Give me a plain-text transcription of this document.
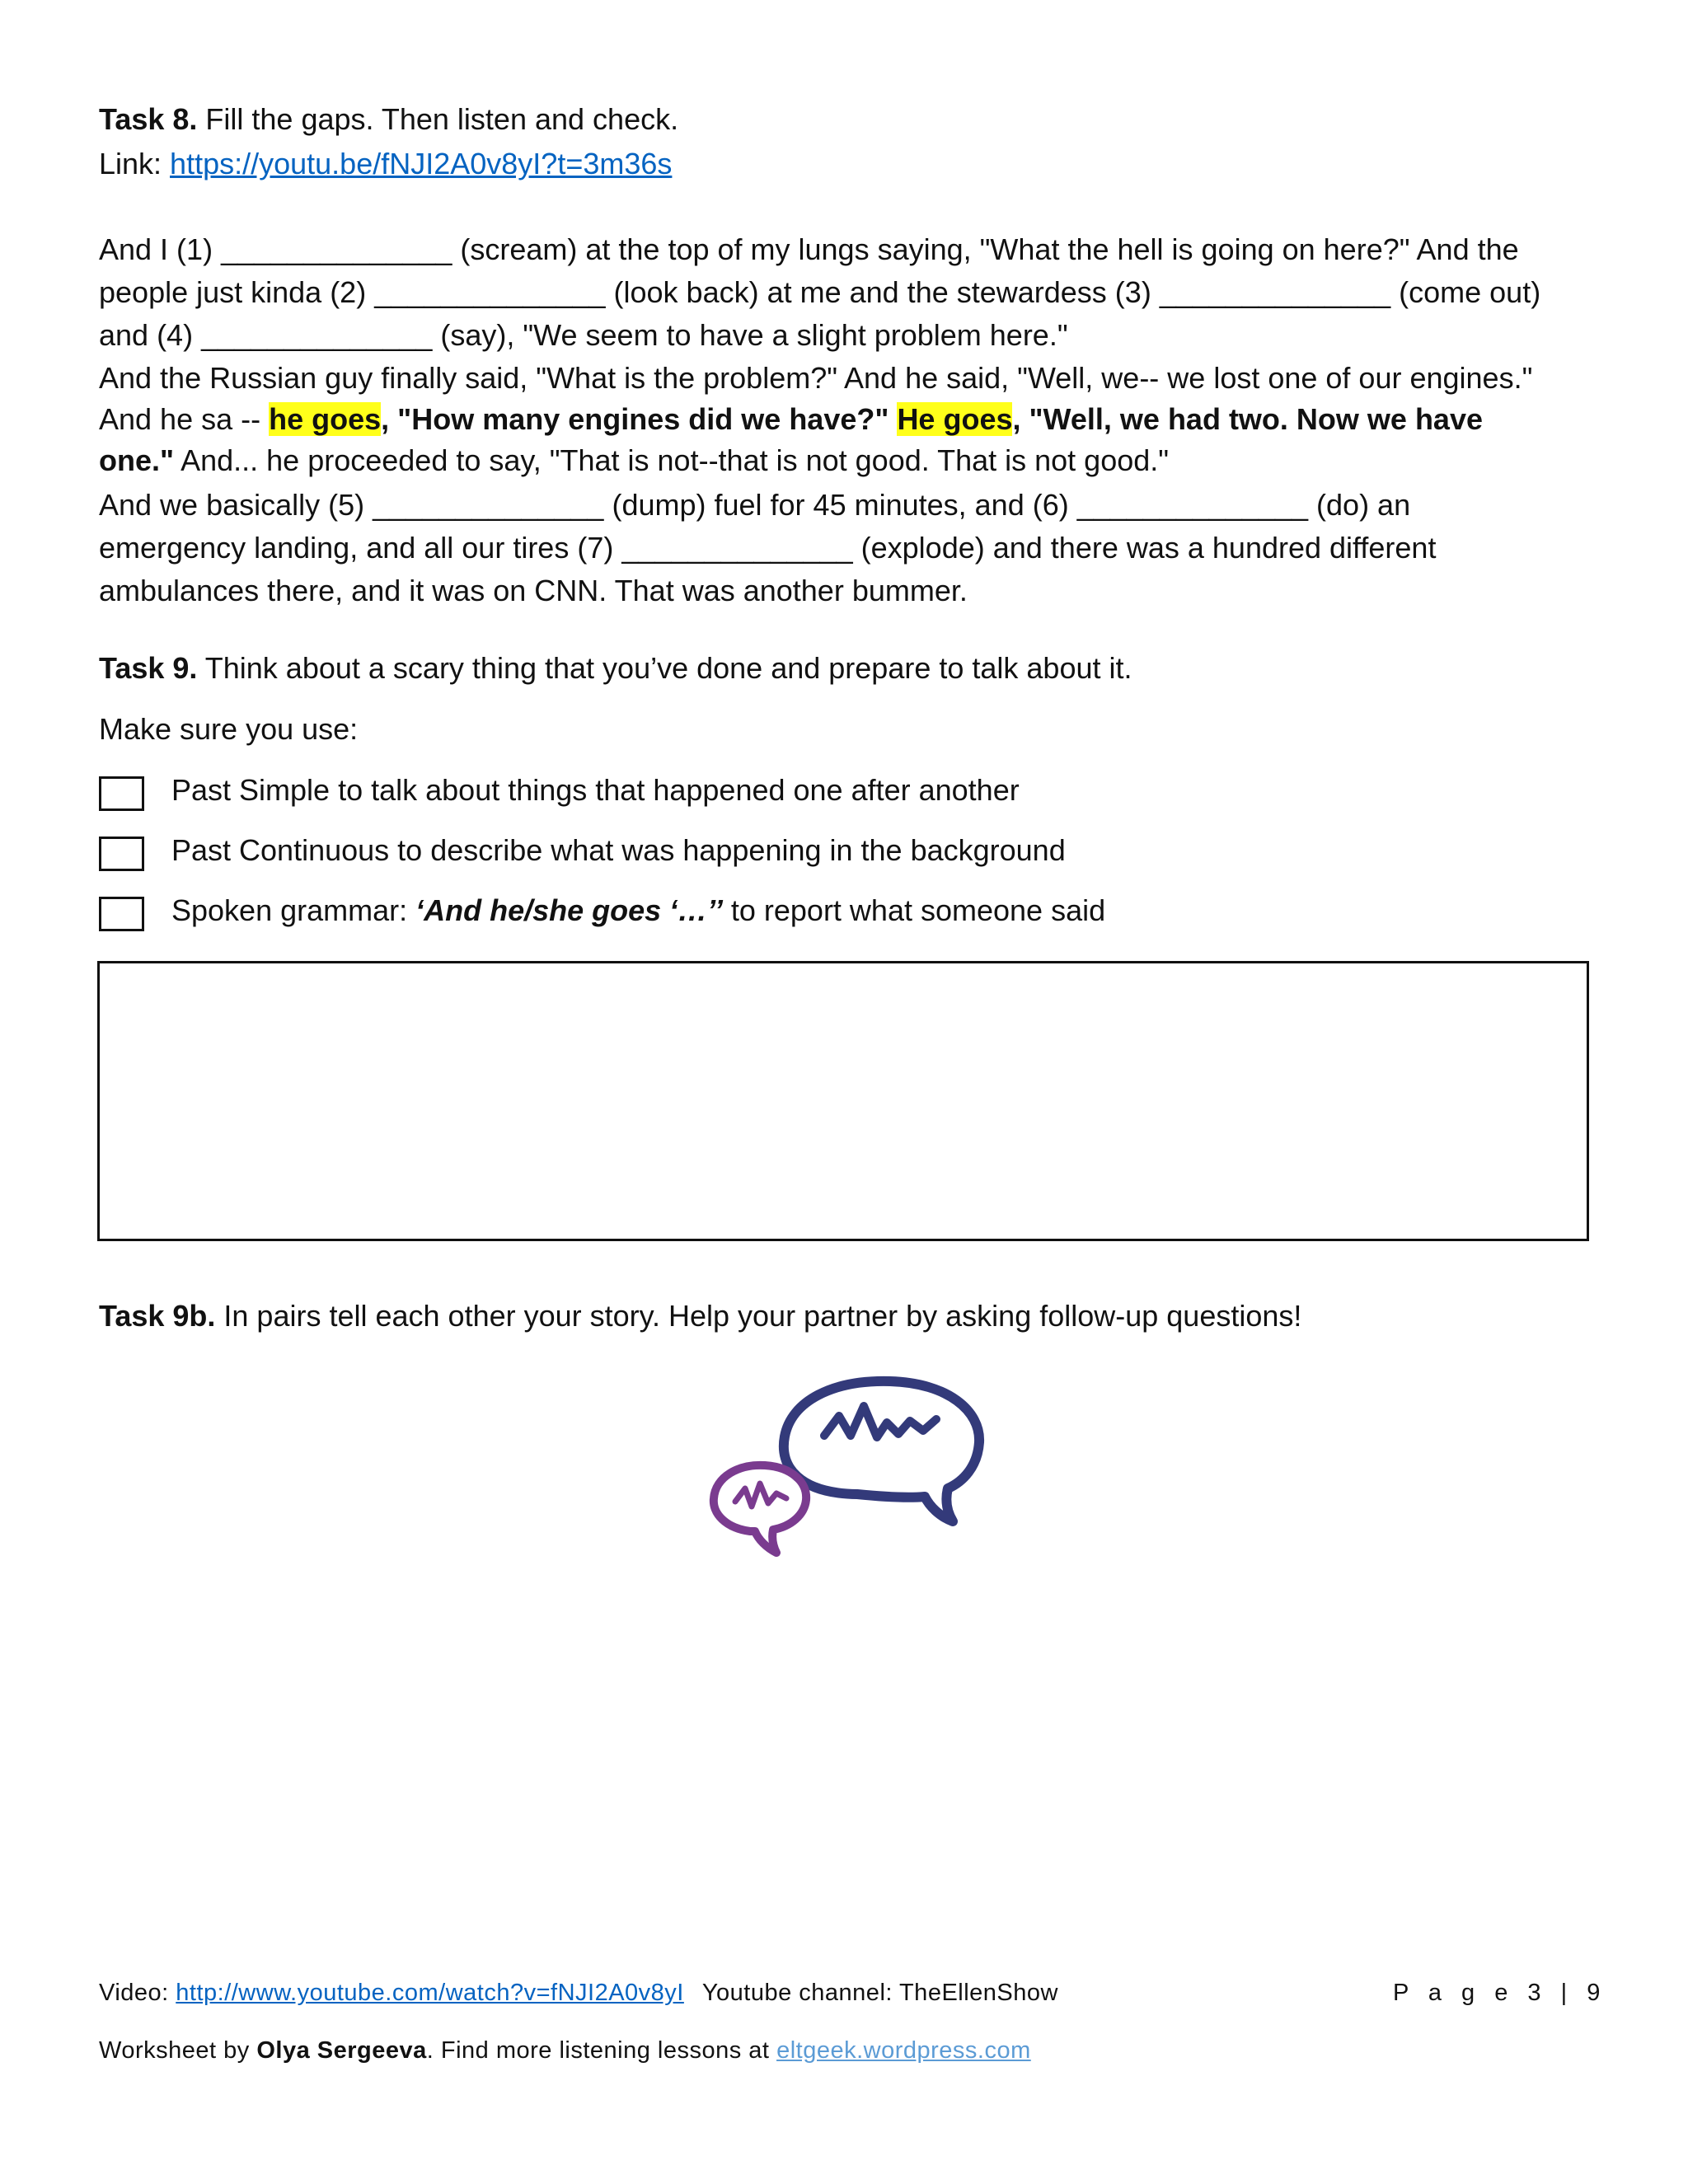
Task 8. Fill the gaps. Then listen and check.
Link: https://youtu.be/fNJI2A0v8yI?t=3m36s
And I (1) ______________ (scream) at the top of my lungs saying, "What the hell is going on here?" And the
people just kinda (2) ______________ (look back) at me and the stewardess (3) ______________ (come out)
and (4) ______________ (say), "We seem to have a slight problem here."
And the Russian guy finally said, "What is the problem?" And he said, "Well, we-- we lost one of our engines."
And he sa -- he goes, "How many engines did we have?" He goes, "Well, we had two. Now we have
one." And... he proceeded to say, "That is not--that is not good. That is not good."
And we basically (5) ______________ (dump) fuel for 45 minutes, and (6) ______________ (do) an
emergency landing, and all our tires (7) ______________ (explode) and there was a hundred different
ambulances there, and it was on CNN. That was another bummer.
Task 9. Think about a scary thing that you’ve done and prepare to talk about it.
Make sure you use:
Past Simple to talk about things that happened one after another
Past Continuous to describe what was happening in the background
Spoken grammar: ‘And he/she goes ‘…’’ to report what someone said
Task 9b. In pairs tell each other your story. Help your partner by asking follow-up questions!
Video: http://www.youtube.com/watch?v=fNJI2A0v8yI Youtube channel: TheEllenShow	P a g e 3 | 9
Worksheet by Olya Sergeeva. Find more listening lessons at eltgeek.wordpress.com
